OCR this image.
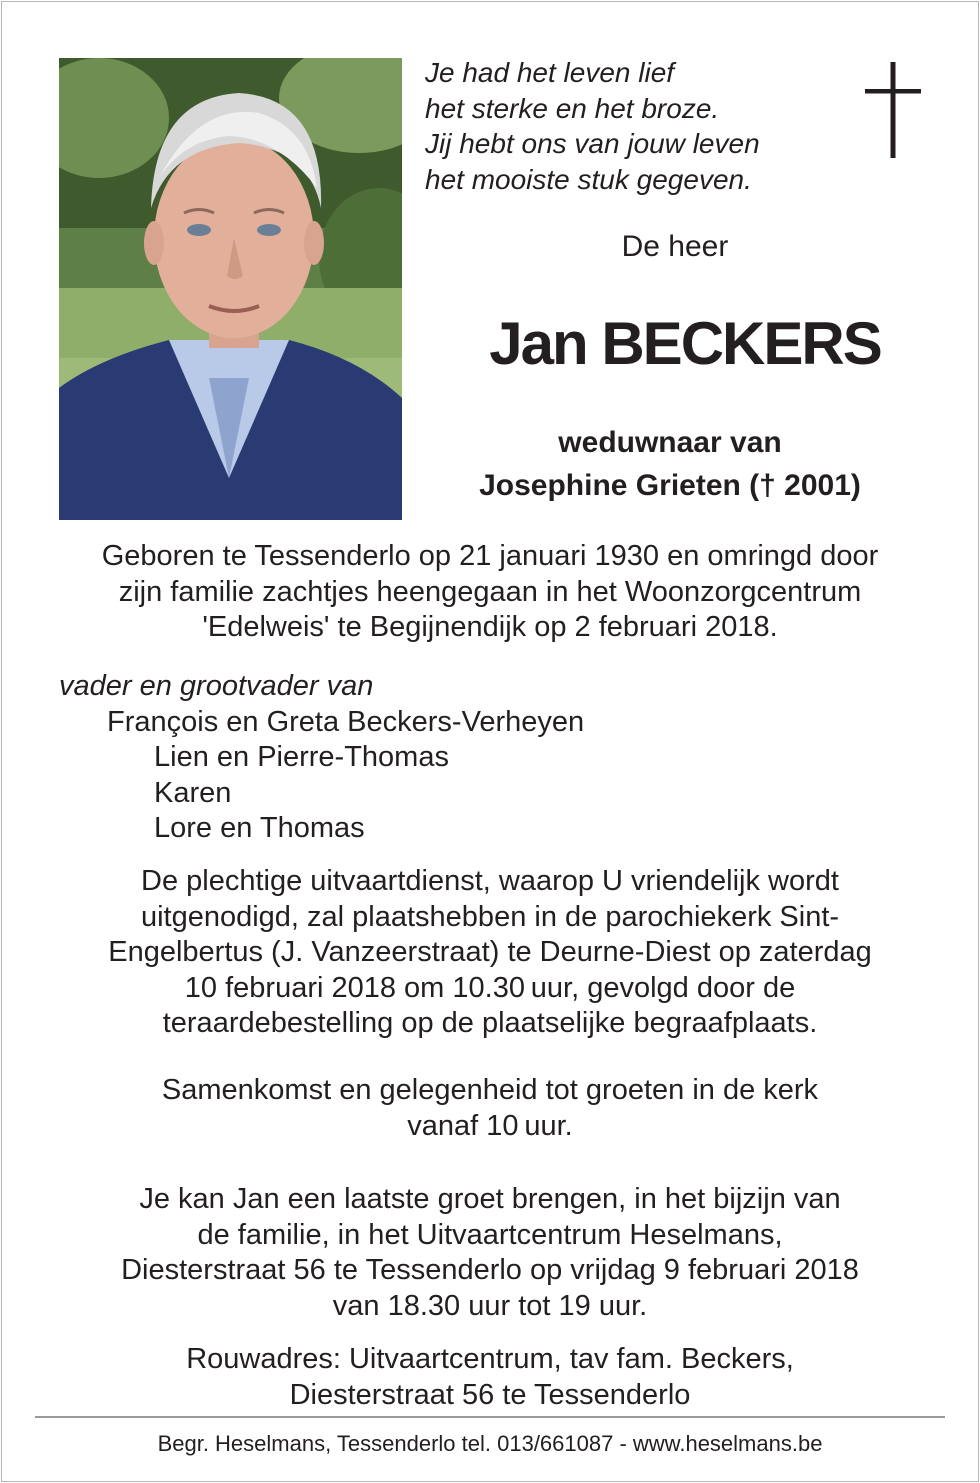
Je had het leven lief
het sterke en het broze.
Jij hebt ons van jouw leven
het mooiste stuk gegeven.
De heer
Jan BECKERS
weduwnaar van
Josephine Grieten († 2001)
Geboren te Tessenderlo op 21 januari 1930 en omringd door
zijn familie zachtjes heengegaan in het Woonzorgcentrum
'Edelweis' te Begijnendijk op 2 februari 2018.
vader en grootvader van
François en Greta Beckers-Verheyen
Lien en Pierre-Thomas
Karen
Lore en Thomas
De plechtige uitvaartdienst, waarop U vriendelijk wordt
uitgenodigd, zal plaatshebben in de parochiekerk Sint-
Engelbertus (J. Vanzeerstraat) te Deurne-Diest op zaterdag
10 februari 2018 om 10.30 uur, gevolgd door de
teraardebestelling op de plaatselijke begraafplaats.
Samenkomst en gelegenheid tot groeten in de kerk
vanaf 10 uur.
Je kan Jan een laatste groet brengen, in het bijzijn van
de familie, in het Uitvaartcentrum Heselmans,
Diesterstraat 56 te Tessenderlo op vrijdag 9 februari 2018
van 18.30 uur tot 19 uur.
Rouwadres: Uitvaartcentrum, tav fam. Beckers,
Diesterstraat 56 te Tessenderlo
Begr. Heselmans, Tessenderlo tel. 013/661087 - www.heselmans.be
